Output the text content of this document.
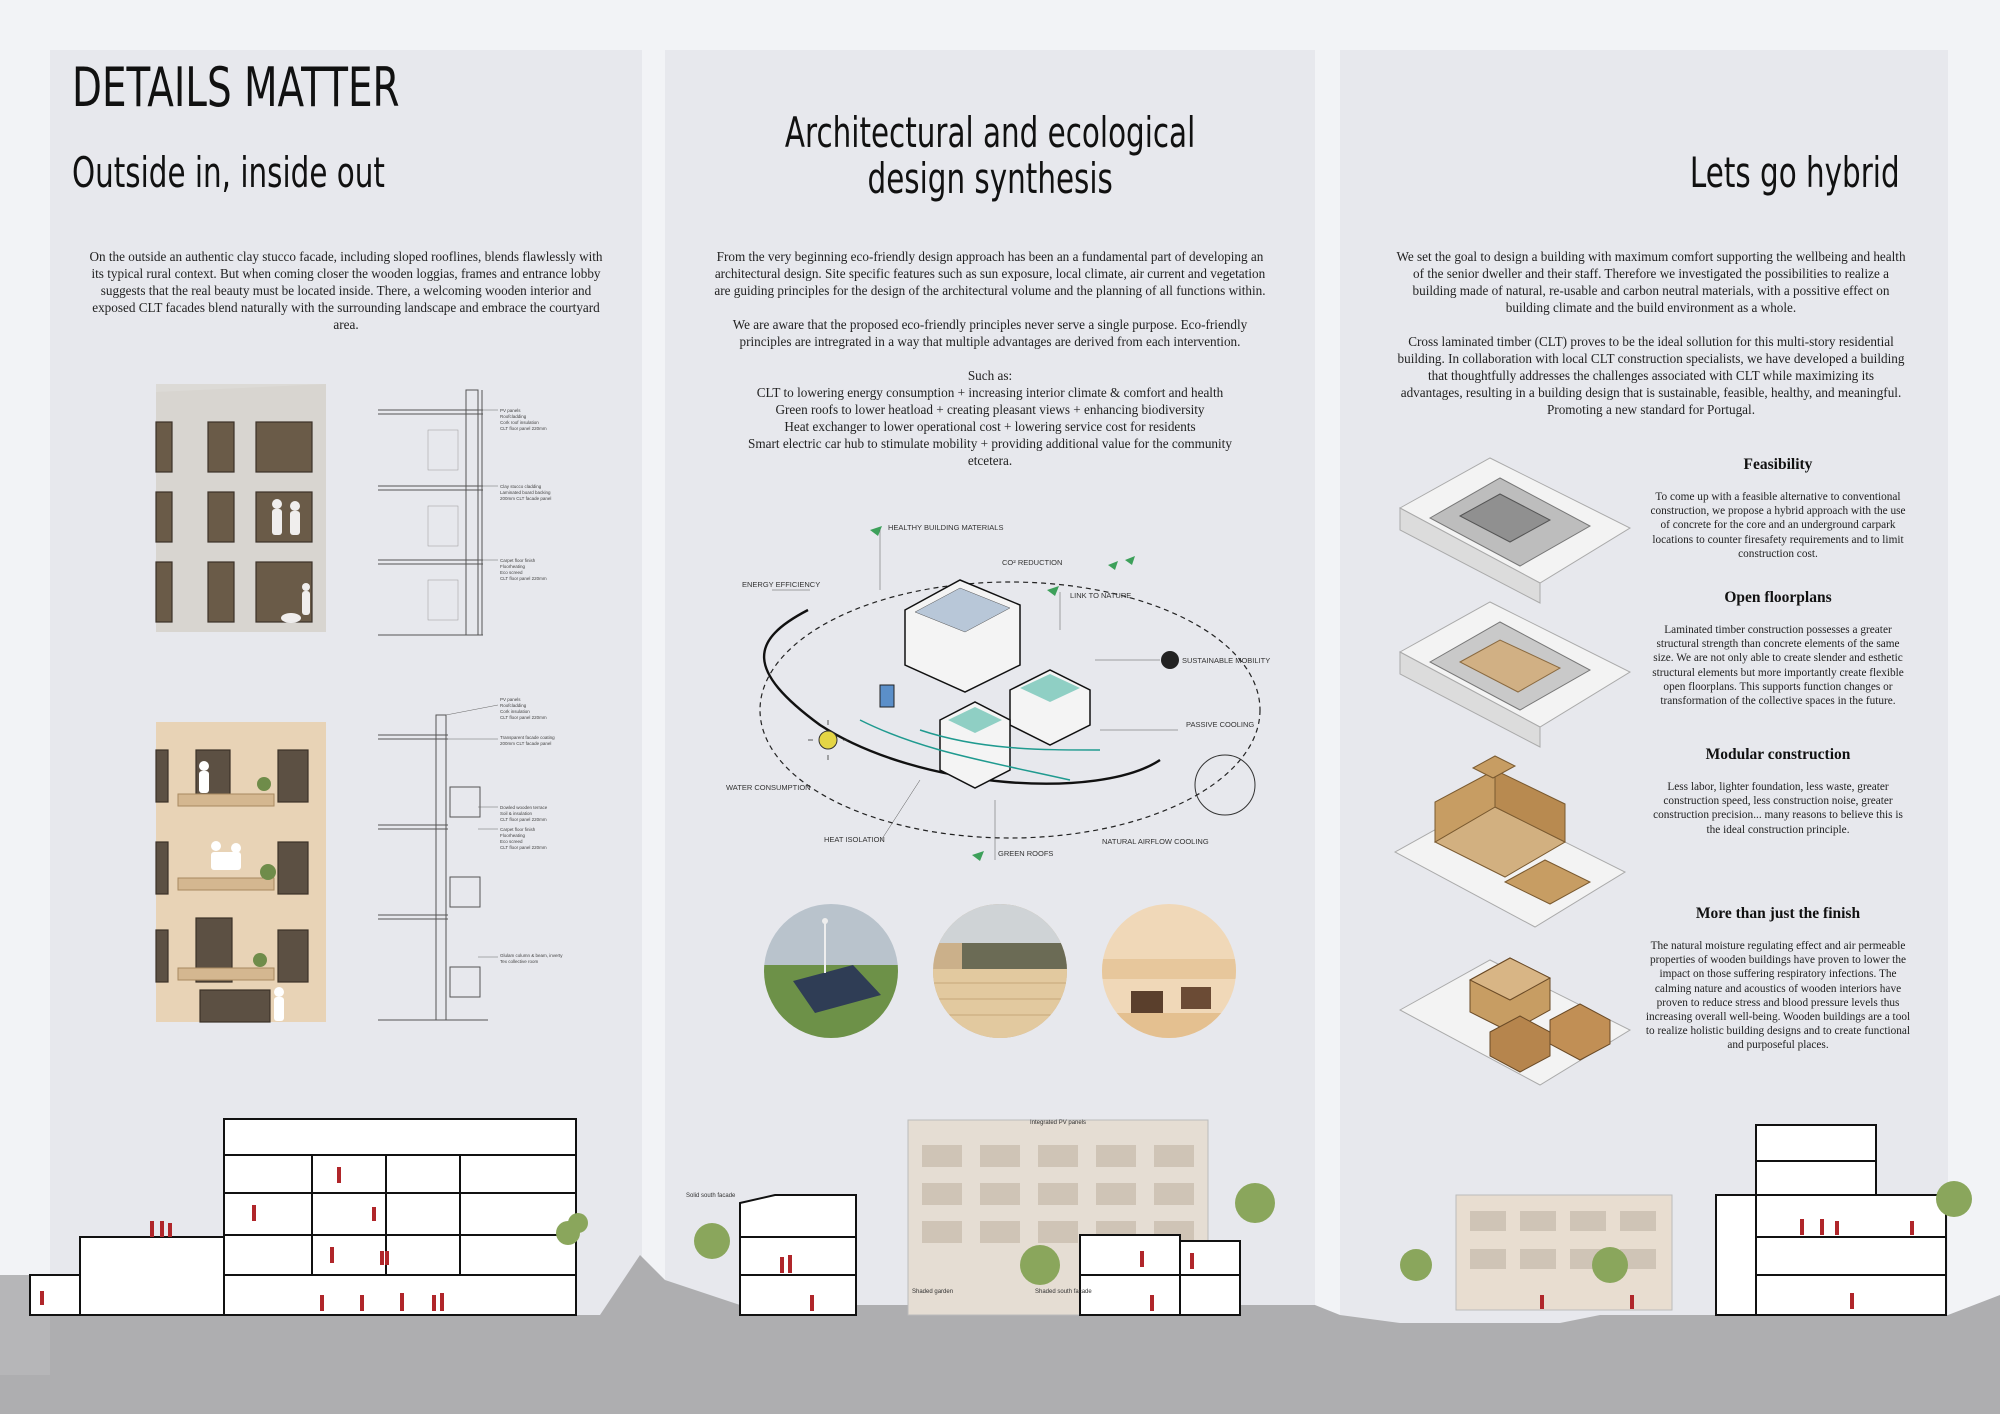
DETAILS MATTER
Outside in, inside out
On the outside an authentic clay stucco facade, including sloped rooflines, blends flawlessly with its typical rural context. But when coming closer the wooden loggias, frames and entrance lobby suggests that the real beauty must be located inside. There, a welcoming wooden interior and exposed CLT facades blend naturally with the surrounding landscape and embrace the courtyard area.
Architectural and ecological
design synthesis

From the very beginning eco-friendly design approach has been an a fundamental part of developing an architectural design. Site specific features such as sun exposure, local climate, air current and vegetation are guiding principles for the design of the architectural volume and the planning of all functions within.

We are aware that the proposed eco-friendly principles never serve a single purpose. Eco-friendly principles are intregrated in a way that multiple advantages are derived from each intervention.

Such as:
CLT to lowering energy consumption + increasing interior climate & comfort and health
Green roofs to lower heatload + creating pleasant views + enhancing biodiversity
Heat exchanger to lower operational cost + lowering service cost for residents
Smart electric car hub to stimulate mobility + providing additional value for the community
etcetera.
Lets go hybrid

We set the goal to design a building with maximum comfort supporting the wellbeing and health of the senior dweller and their staff. Therefore we investigated the possibilities to realize a building made of natural, re-usable and carbon neutral materials, with a possitive effect on building climate and the build environment as a whole.

Cross laminated timber (CLT) proves to be the ideal sollution for this multi-story residential building. In collaboration with local CLT construction specialists, we have developed a building that thoughtfully addresses the challenges associated with CLT while maximizing its advantages, resulting in a building design that is sustainable, feasible, healthy, and meaningful. Promoting a new standard for Portugal.

Feasibility
To come up with a feasible alternative to conventional construction, we propose a hybrid approach with the use of concrete for the core and an underground carpark locations to counter firesafety requirements and to limit construction cost.
Open floorplans
Laminated timber construction possesses a greater structural strength than concrete elements of the same size. We are not only able to create slender and esthetic structural elements but more importantly create flexible open floorplans. This supports function changes or transformation of the collective spaces in the future.
Modular construction
Less labor, lighter foundation, less waste, greater construction speed, less construction noise, greater construction precision... many reasons to believe this is the ideal construction principle.
More than just the finish
The natural moisture regulating effect and air permeable properties of wooden buildings have proven to lower the impact on those suffering respiratory infections. The calming nature and acoustics of wooden interiors have proven to reduce stress and blood pressure levels thus increasing overall well-being. Wooden buildings are a tool to realize holistic building designs and to create functional and purposeful places.
PV panels
Roofcladding
Cork roof insulation
CLT floor panel 220mm
Clay stucco cladding
Laminated board backing
200mm CLT facade panel
Carpet floor finish
Floorheating
Eco screed
CLT floor panel 220mm
PV panels
Roofcladding
Cork insulation
CLT floor panel 220mm
Transparent facade coating
200mm CLT facade panel
Dowled wooden terrace
Soil & insulation
CLT floor panel 220mm
Carpet floor finish
Floorheating
Eco screed
CLT floor panel 220mm
Glulam column & beam, inverty
Tex collective room
HEALTHY BUILDING MATERIALS
CO² REDUCTION
ENERGY EFFICIENCY
LINK TO NATURE
SUSTAINABLE MOBILITY
PASSIVE COOLING
WATER CONSUMPTION
HEAT ISOLATION
GREEN ROOFS
NATURAL AIRFLOW COOLING
Integrated PV panels
Solid south facade
Shaded garden	Shaded south facade
